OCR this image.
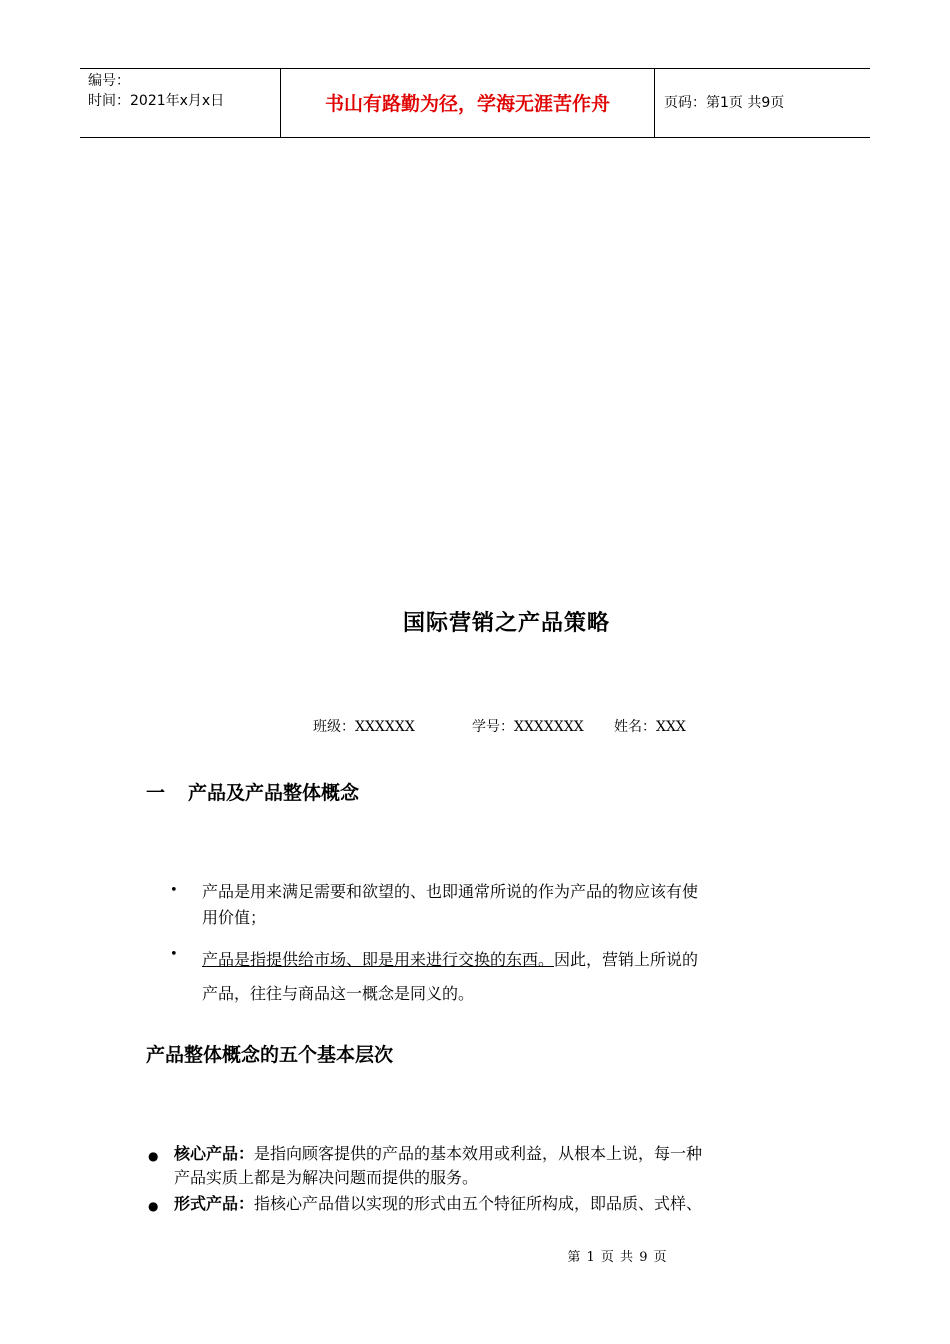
编号：
时间：2021年x月x日	书山有路勤为径，学海无涯苦作舟	页码：第1页 共9页
国际营销之产品策略
班级：XXXXXX	学号：XXXXXXX 姓名：XXX
一 产品及产品整体概念
• 产品是用来满足需要和欲望的、也即通常所说的作为产品的物应该有使
用价值；
• 产品是指提供给市场、即是用来进行交换的东西。因此，营销上所说的
产品，往往与商品这一概念是同义的。
产品整体概念的五个基本层次
● 核心产品：是指向顾客提供的产品的基本效用或利益，从根本上说，每一种
产品实质上都是为解决问题而提供的服务。
● 形式产品：指核心产品借以实现的形式由五个特征所构成，即品质、式样、
第 1 页 共 9 页
